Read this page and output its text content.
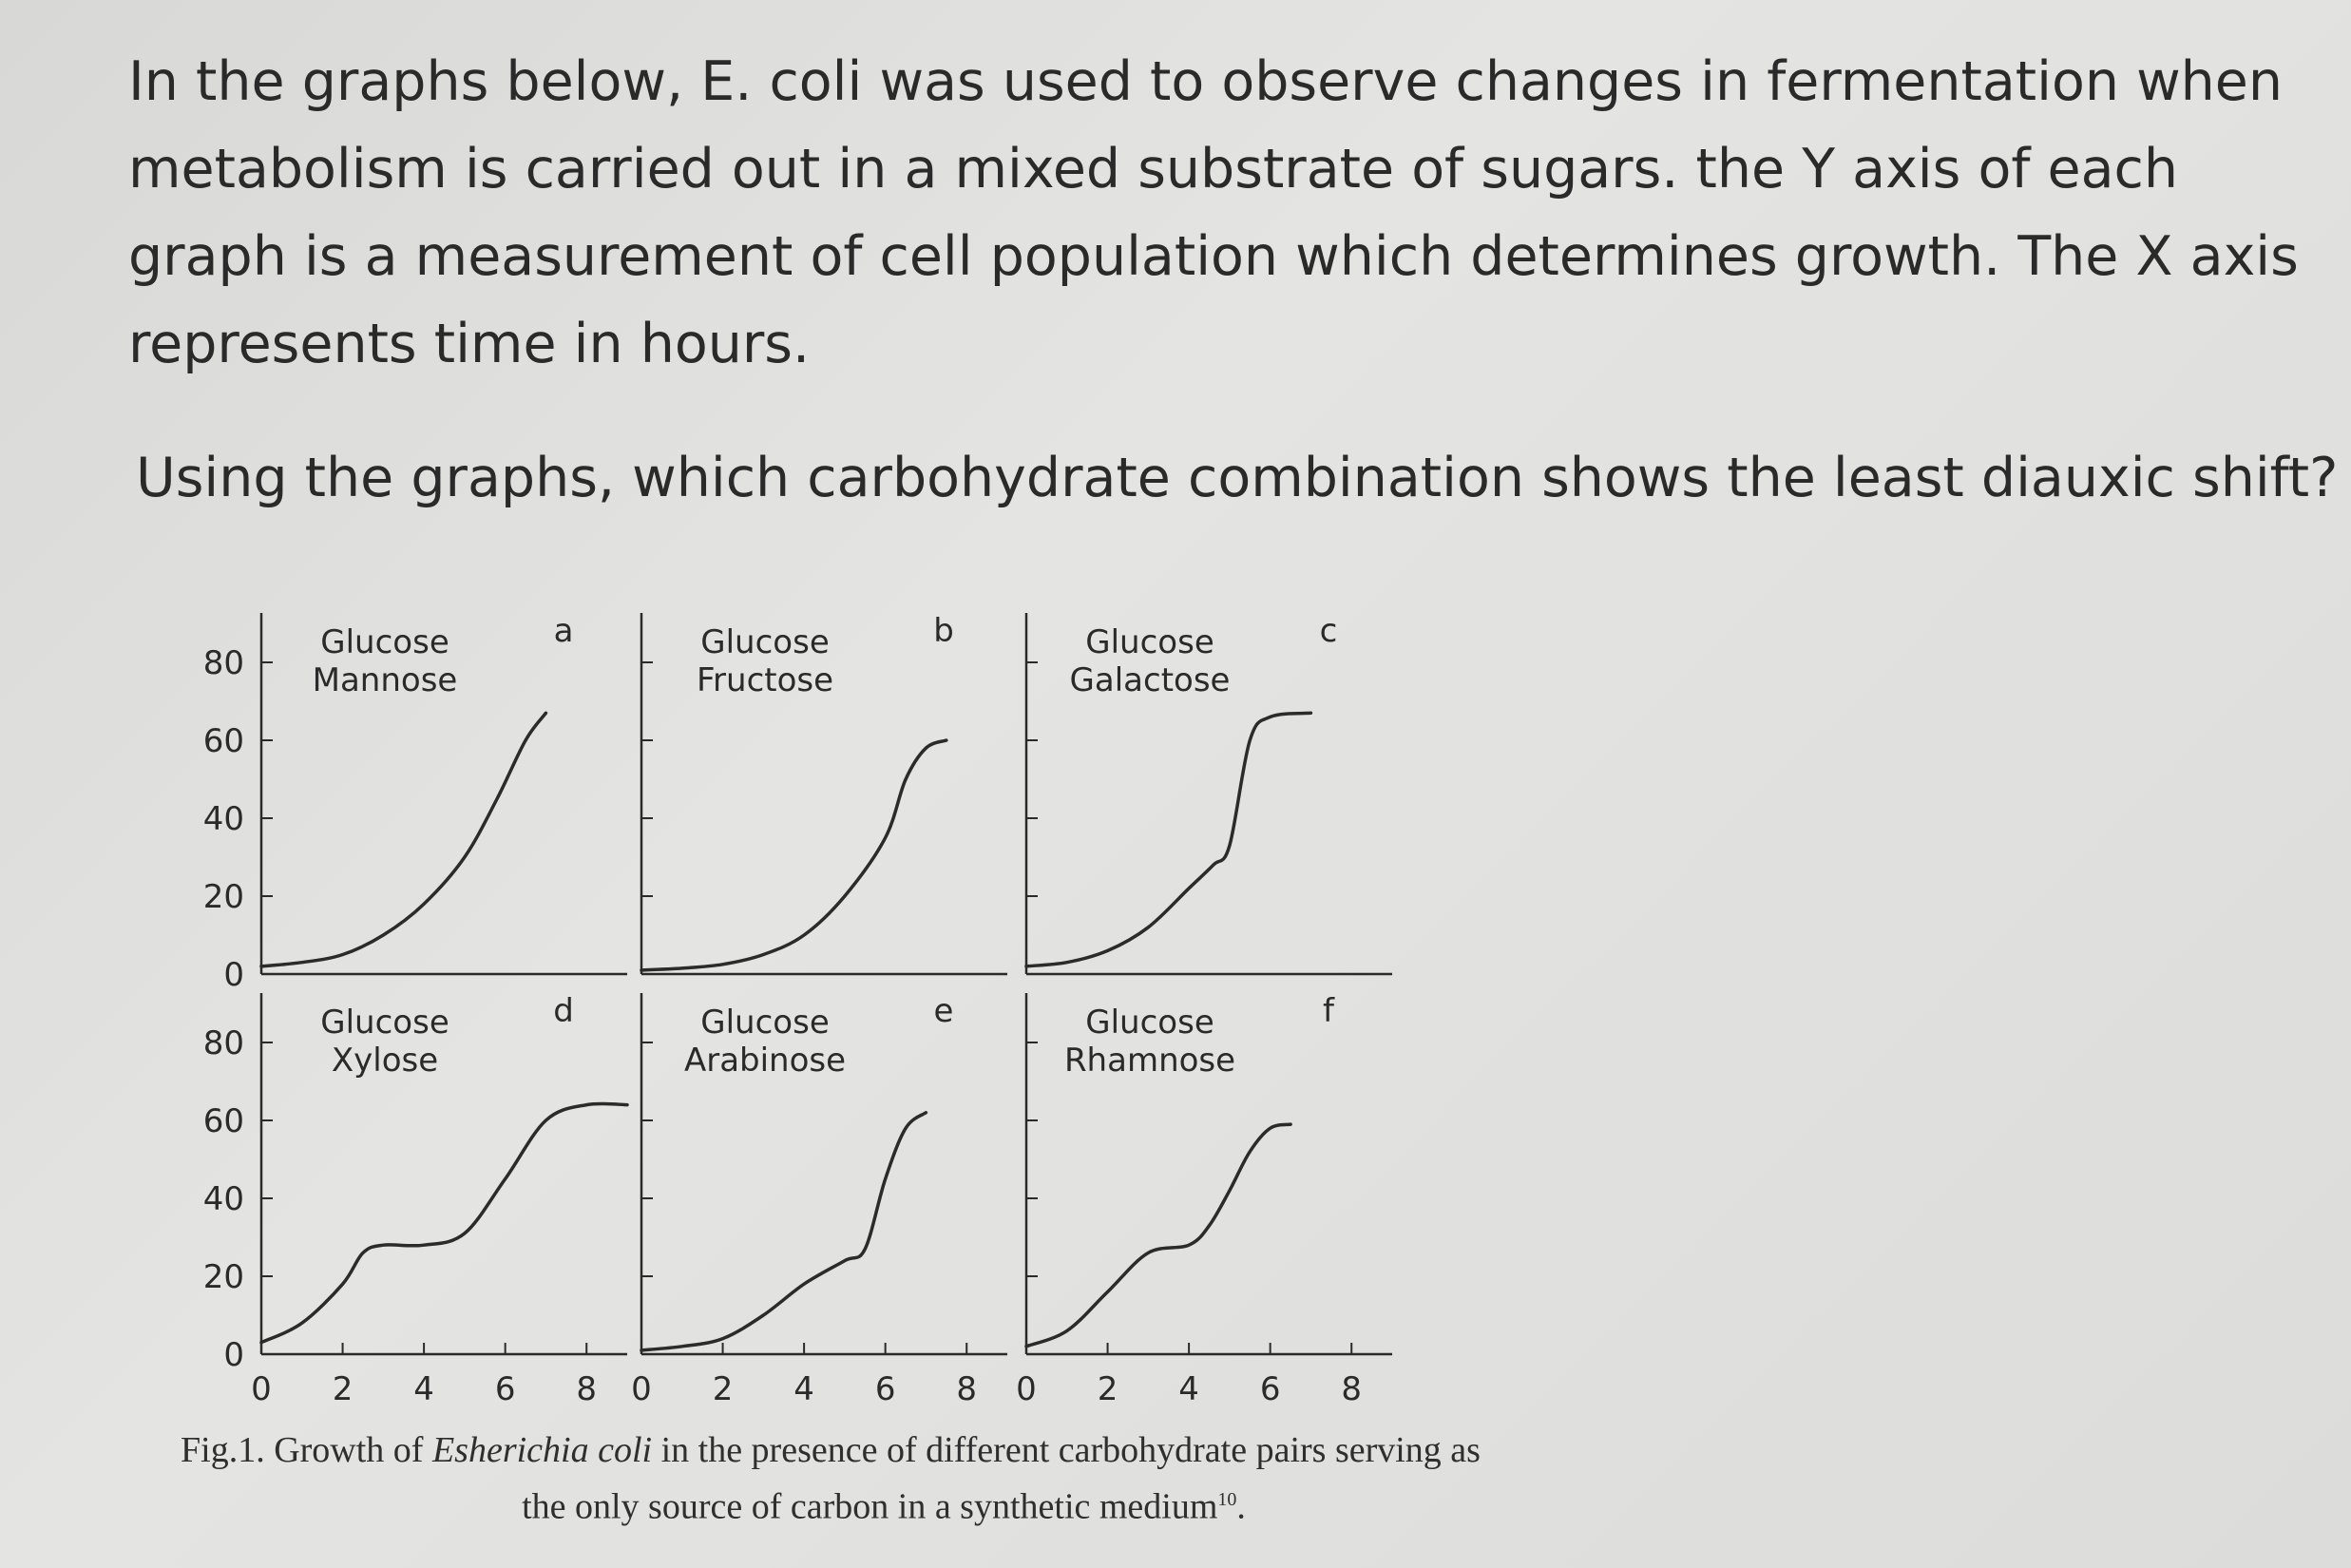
In the graphs below, E. coli was used to observe changes in fermentation when metabolism is carried out in a mixed substrate of sugars. the Y axis of each graph is a measurement of cell population which determines growth. The X axis represents time in hours.
Using the graphs, which carbohydrate combination shows the least diauxic shift?
20
40
60
80
0
Glucose
Mannose
a	Glucose
Fructose
b	Glucose
Galactose
c
20
40
60
80
0
0 2 4 6 8
Glucose
Xylose
d
0 2 4 6 8
Glucose
Arabinose
e
0 2 4 6 8
Glucose
Rhamnose
f
Fig.1. Growth of Esherichia coli in the presence of different carbohydrate pairs serving as
the only source of carbon in a synthetic medium$^{10}$.
